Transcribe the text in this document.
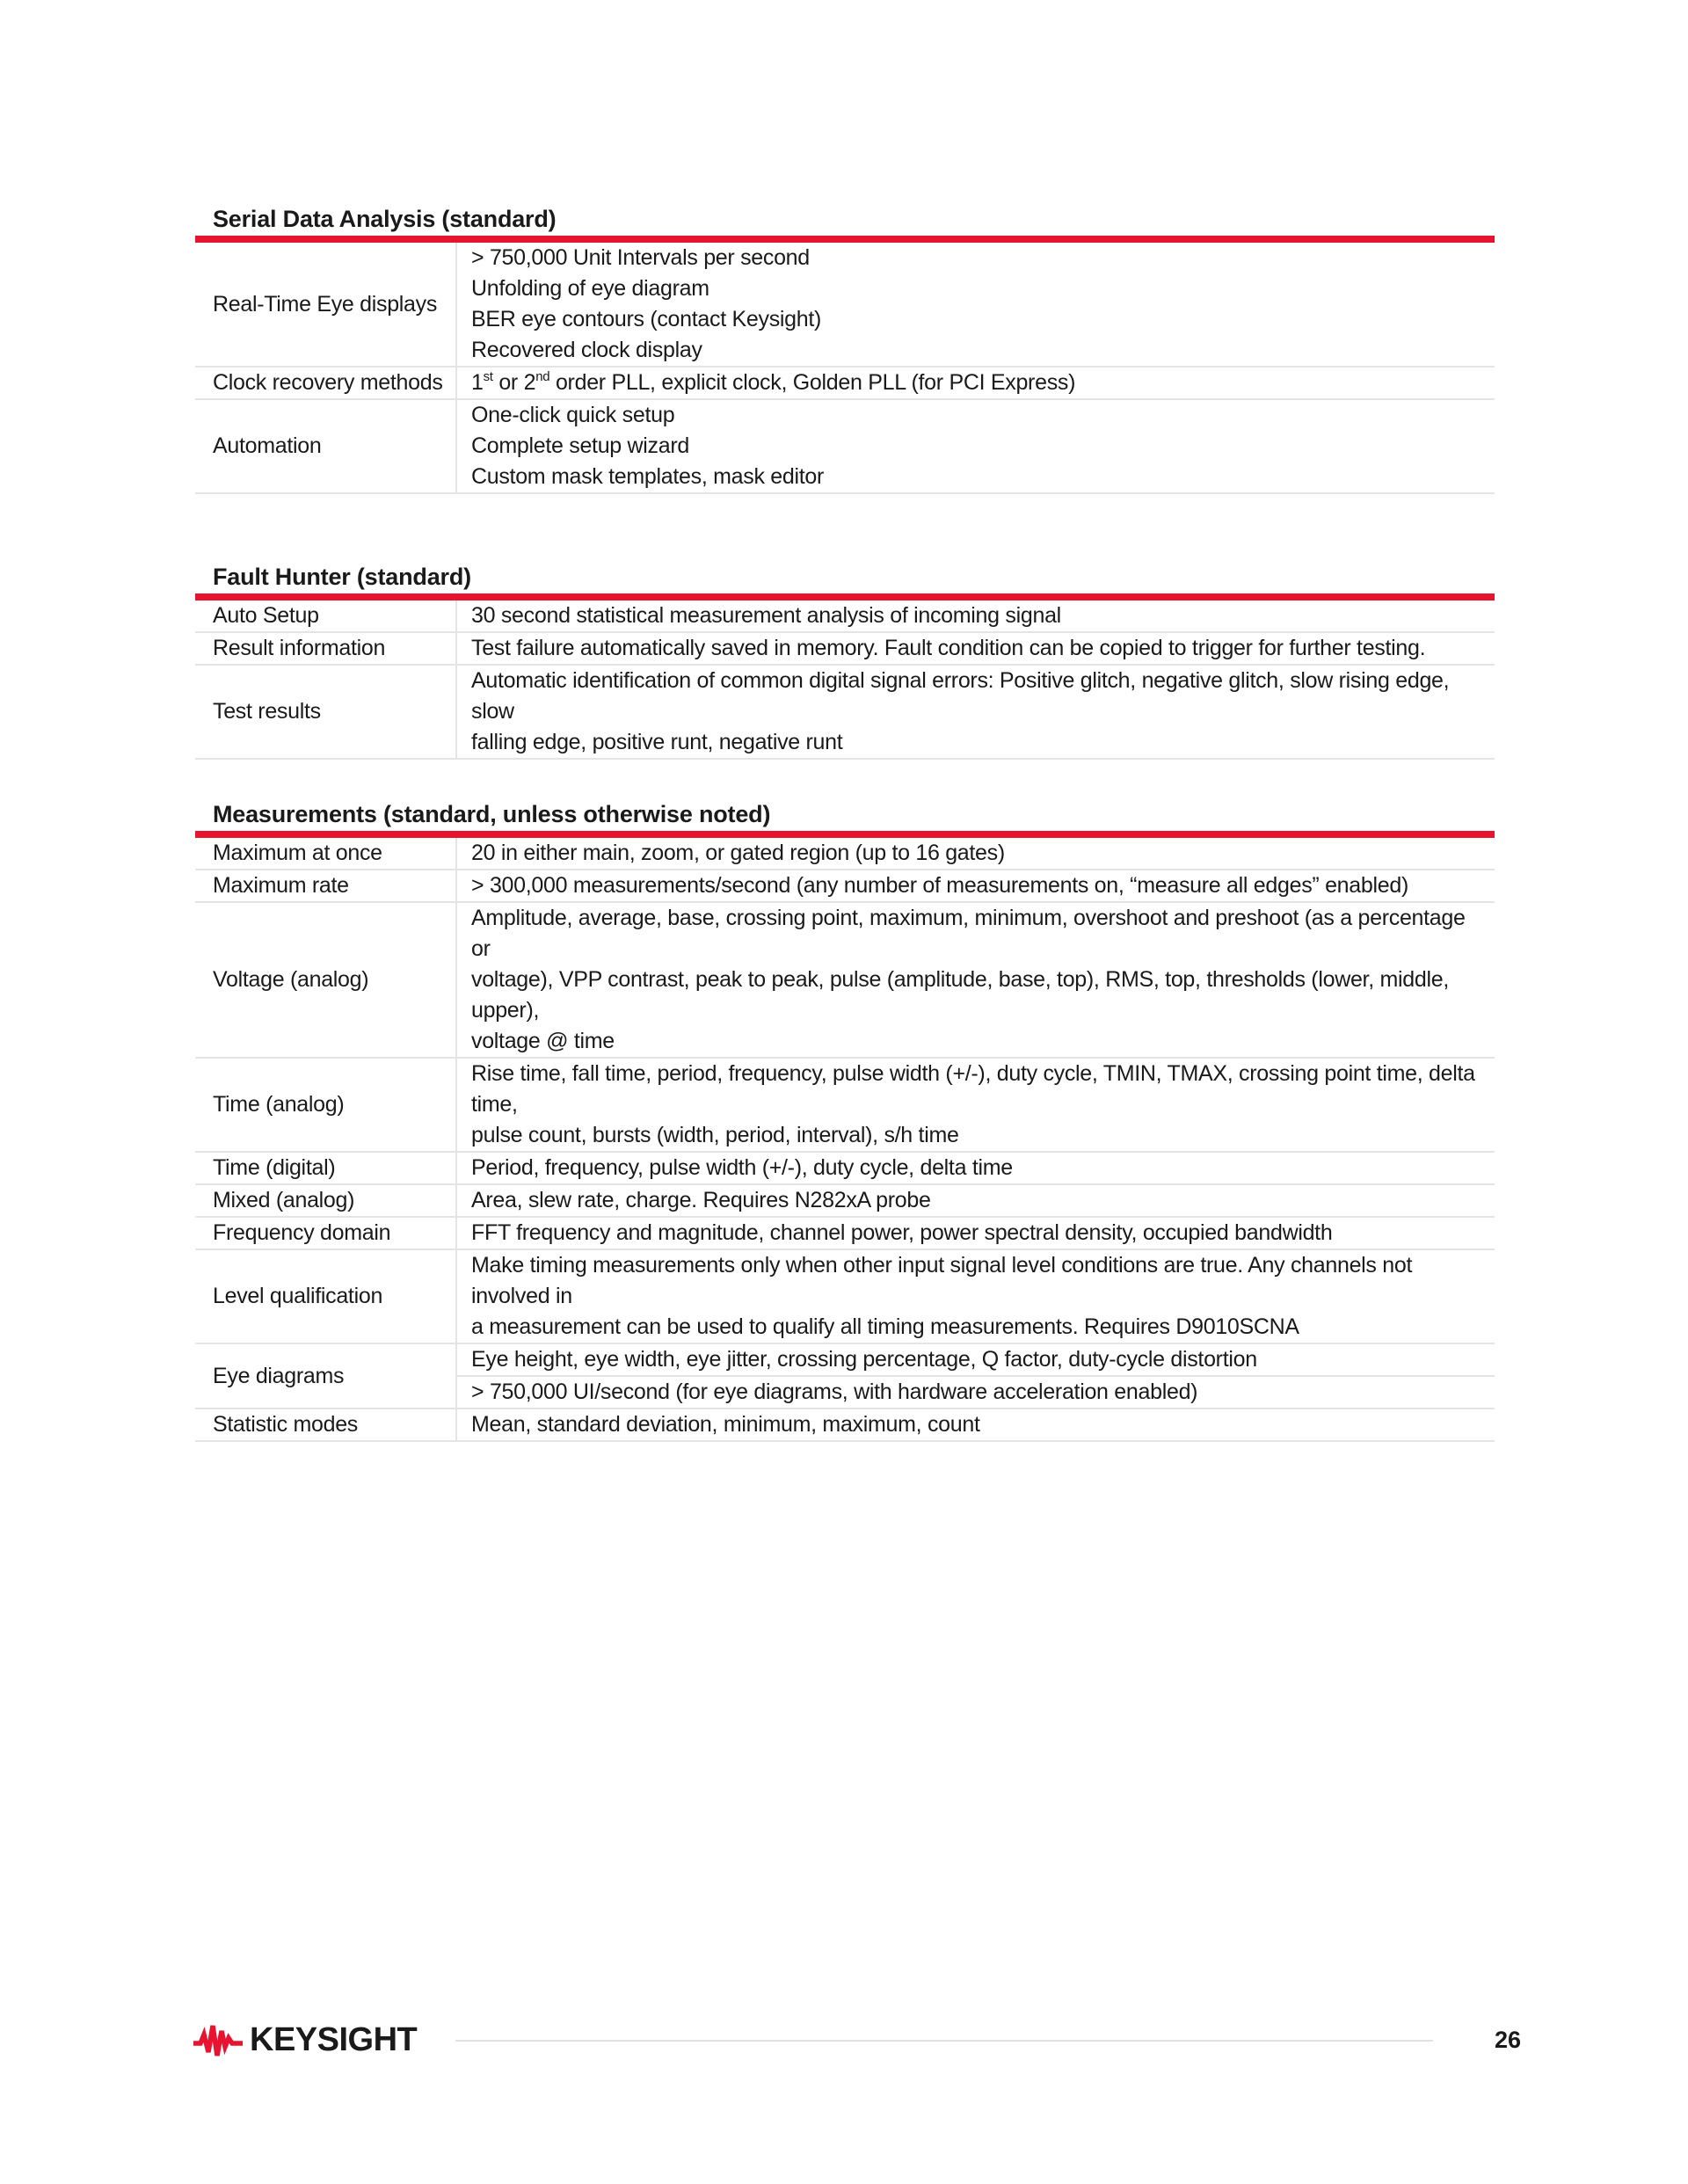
Serial Data Analysis (standard)
Real-Time Eye displays	> 750,000 Unit Intervals per second
Unfolding of eye diagram
BER eye contours (contact Keysight)
Recovered clock display

Clock recovery methods	1st or 2nd order PLL, explicit clock, Golden PLL (for PCI Express)
Automation	One-click quick setup
Complete setup wizard
Custom mask templates, mask editor
Fault Hunter (standard)
Auto Setup	30 second statistical measurement analysis of incoming signal

Result information	Test failure automatically saved in memory. Fault condition can be copied to trigger for further testing.

Test results	Automatic identification of common digital signal errors: Positive glitch, negative glitch, slow rising edge, slow
falling edge, positive runt, negative runt
Measurements (standard, unless otherwise noted)
Maximum at once	20 in either main, zoom, or gated region (up to 16 gates)

Maximum rate	> 300,000 measurements/second (any number of measurements on, “measure all edges” enabled)

Voltage (analog)	Amplitude, average, base, crossing point, maximum, minimum, overshoot and preshoot (as a percentage or
voltage), VPP contrast, peak to peak, pulse (amplitude, base, top), RMS, top, thresholds (lower, middle, upper),
voltage @ time

Time (analog)	Rise time, fall time, period, frequency, pulse width (+/-), duty cycle, TMIN, TMAX, crossing point time, delta time,
pulse count, bursts (width, period, interval), s/h time

Time (digital)	Period, frequency, pulse width (+/-), duty cycle, delta time

Mixed (analog)	Area, slew rate, charge. Requires N282xA probe

Frequency domain	FFT frequency and magnitude, channel power, power spectral density, occupied bandwidth

Level qualification	Make timing measurements only when other input signal level conditions are true. Any channels not involved in
a measurement can be used to qualify all timing measurements. Requires D9010SCNA

Eye diagrams	Eye height, eye width, eye jitter, crossing percentage, Q factor, duty-cycle distortion

	> 750,000 UI/second (for eye diagrams, with hardware acceleration enabled)

Statistic modes	Mean, standard deviation, minimum, maximum, count
KEYSIGHT	26
